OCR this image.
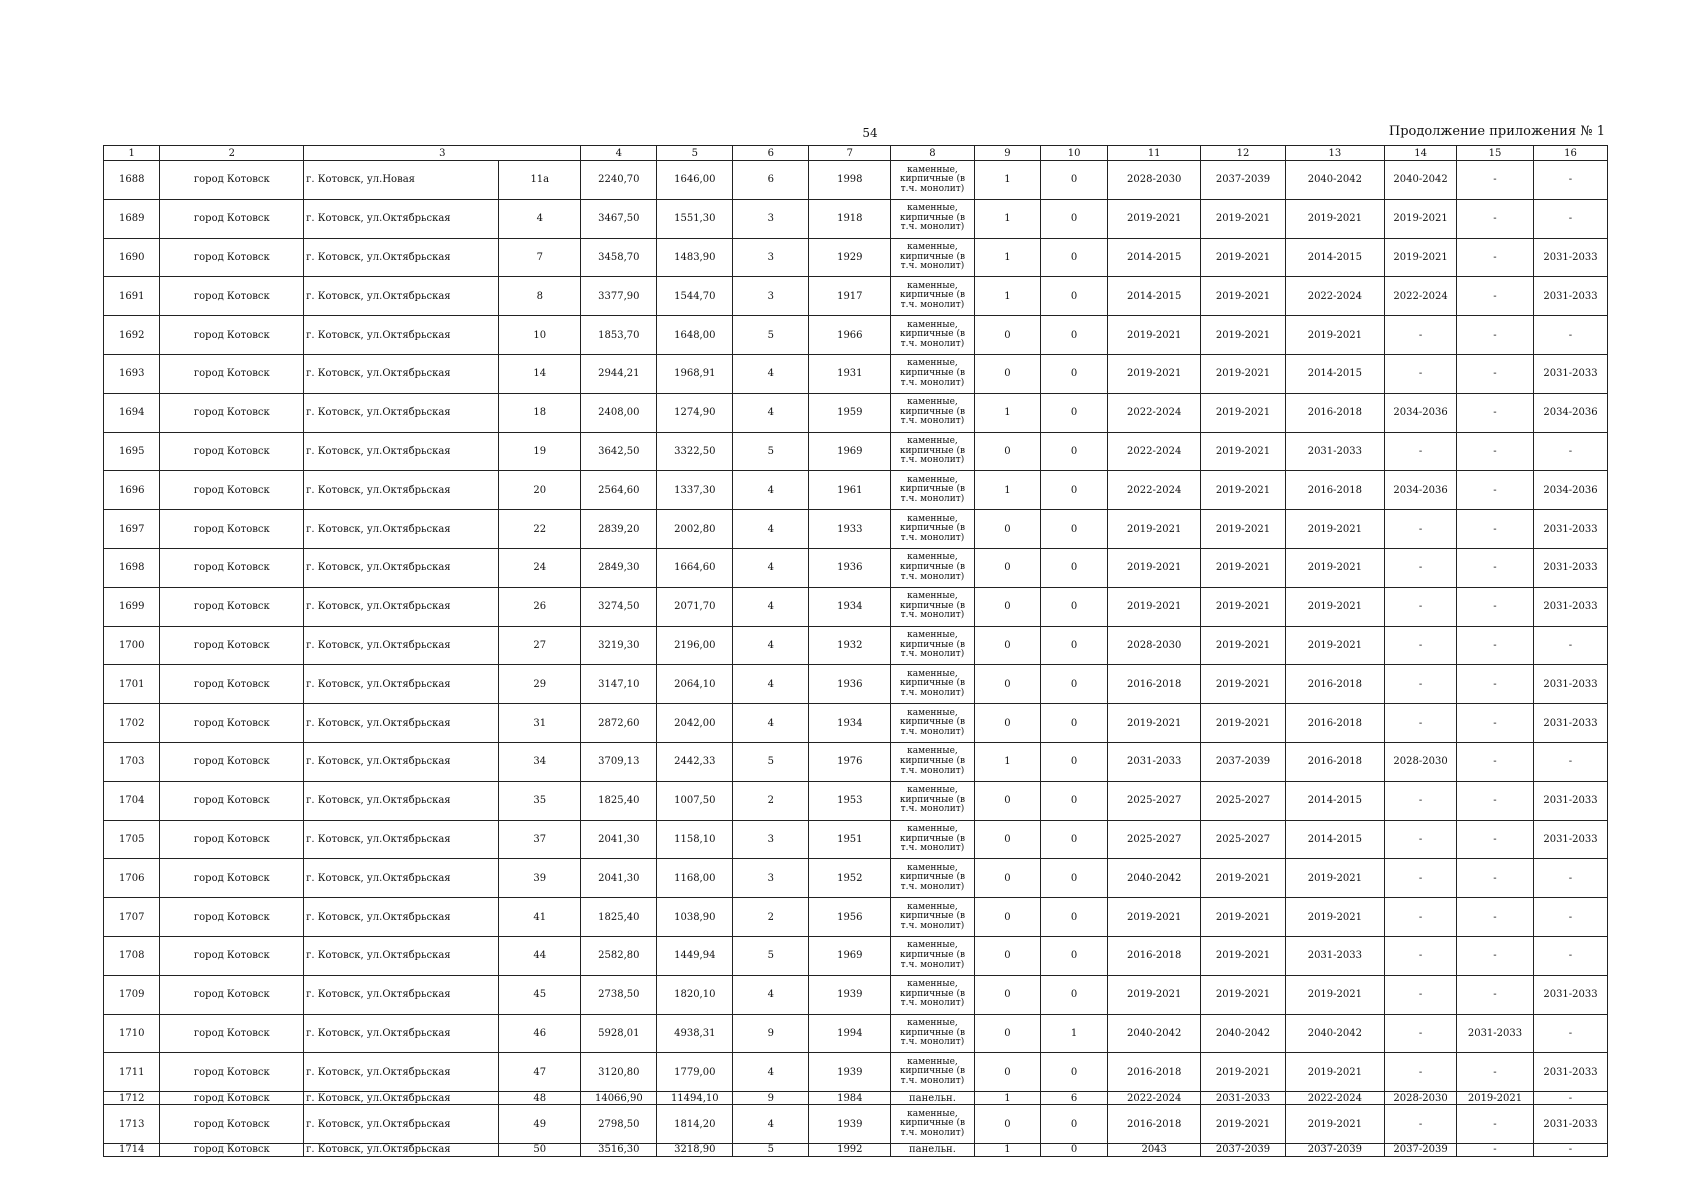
54	Продолжение приложения № 1
1	2	3		4	5	6	7	8	9	10	11	12	13	14	15	16
1688	город Котовск	г. Котовск, ул.Новая	11а	2240,70	1646,00	6	1998	каменные, кирпичные (в т.ч. монолит)	1	0	2028-2030	2037-2039	2040-2042	2040-2042	-	-
1689	город Котовск	г. Котовск, ул.Октябрьская	4	3467,50	1551,30	3	1918	каменные, кирпичные (в т.ч. монолит)	1	0	2019-2021	2019-2021	2019-2021	2019-2021	-	-
1690	город Котовск	г. Котовск, ул.Октябрьская	7	3458,70	1483,90	3	1929	каменные, кирпичные (в т.ч. монолит)	1	0	2014-2015	2019-2021	2014-2015	2019-2021	-	2031-2033
1691	город Котовск	г. Котовск, ул.Октябрьская	8	3377,90	1544,70	3	1917	каменные, кирпичные (в т.ч. монолит)	1	0	2014-2015	2019-2021	2022-2024	2022-2024	-	2031-2033
1692	город Котовск	г. Котовск, ул.Октябрьская	10	1853,70	1648,00	5	1966	каменные, кирпичные (в т.ч. монолит)	0	0	2019-2021	2019-2021	2019-2021	-	-	-
1693	город Котовск	г. Котовск, ул.Октябрьская	14	2944,21	1968,91	4	1931	каменные, кирпичные (в т.ч. монолит)	0	0	2019-2021	2019-2021	2014-2015	-	-	2031-2033
1694	город Котовск	г. Котовск, ул.Октябрьская	18	2408,00	1274,90	4	1959	каменные, кирпичные (в т.ч. монолит)	1	0	2022-2024	2019-2021	2016-2018	2034-2036	-	2034-2036
1695	город Котовск	г. Котовск, ул.Октябрьская	19	3642,50	3322,50	5	1969	каменные, кирпичные (в т.ч. монолит)	0	0	2022-2024	2019-2021	2031-2033	-	-	-
1696	город Котовск	г. Котовск, ул.Октябрьская	20	2564,60	1337,30	4	1961	каменные, кирпичные (в т.ч. монолит)	1	0	2022-2024	2019-2021	2016-2018	2034-2036	-	2034-2036
1697	город Котовск	г. Котовск, ул.Октябрьская	22	2839,20	2002,80	4	1933	каменные, кирпичные (в т.ч. монолит)	0	0	2019-2021	2019-2021	2019-2021	-	-	2031-2033
1698	город Котовск	г. Котовск, ул.Октябрьская	24	2849,30	1664,60	4	1936	каменные, кирпичные (в т.ч. монолит)	0	0	2019-2021	2019-2021	2019-2021	-	-	2031-2033
1699	город Котовск	г. Котовск, ул.Октябрьская	26	3274,50	2071,70	4	1934	каменные, кирпичные (в т.ч. монолит)	0	0	2019-2021	2019-2021	2019-2021	-	-	2031-2033
1700	город Котовск	г. Котовск, ул.Октябрьская	27	3219,30	2196,00	4	1932	каменные, кирпичные (в т.ч. монолит)	0	0	2028-2030	2019-2021	2019-2021	-	-	-
1701	город Котовск	г. Котовск, ул.Октябрьская	29	3147,10	2064,10	4	1936	каменные, кирпичные (в т.ч. монолит)	0	0	2016-2018	2019-2021	2016-2018	-	-	2031-2033
1702	город Котовск	г. Котовск, ул.Октябрьская	31	2872,60	2042,00	4	1934	каменные, кирпичные (в т.ч. монолит)	0	0	2019-2021	2019-2021	2016-2018	-	-	2031-2033
1703	город Котовск	г. Котовск, ул.Октябрьская	34	3709,13	2442,33	5	1976	каменные, кирпичные (в т.ч. монолит)	1	0	2031-2033	2037-2039	2016-2018	2028-2030	-	-
1704	город Котовск	г. Котовск, ул.Октябрьская	35	1825,40	1007,50	2	1953	каменные, кирпичные (в т.ч. монолит)	0	0	2025-2027	2025-2027	2014-2015	-	-	2031-2033
1705	город Котовск	г. Котовск, ул.Октябрьская	37	2041,30	1158,10	3	1951	каменные, кирпичные (в т.ч. монолит)	0	0	2025-2027	2025-2027	2014-2015	-	-	2031-2033
1706	город Котовск	г. Котовск, ул.Октябрьская	39	2041,30	1168,00	3	1952	каменные, кирпичные (в т.ч. монолит)	0	0	2040-2042	2019-2021	2019-2021	-	-	-
1707	город Котовск	г. Котовск, ул.Октябрьская	41	1825,40	1038,90	2	1956	каменные, кирпичные (в т.ч. монолит)	0	0	2019-2021	2019-2021	2019-2021	-	-	-
1708	город Котовск	г. Котовск, ул.Октябрьская	44	2582,80	1449,94	5	1969	каменные, кирпичные (в т.ч. монолит)	0	0	2016-2018	2019-2021	2031-2033	-	-	-
1709	город Котовск	г. Котовск, ул.Октябрьская	45	2738,50	1820,10	4	1939	каменные, кирпичные (в т.ч. монолит)	0	0	2019-2021	2019-2021	2019-2021	-	-	2031-2033
1710	город Котовск	г. Котовск, ул.Октябрьская	46	5928,01	4938,31	9	1994	каменные, кирпичные (в т.ч. монолит)	0	1	2040-2042	2040-2042	2040-2042	-	2031-2033	-
1711	город Котовск	г. Котовск, ул.Октябрьская	47	3120,80	1779,00	4	1939	каменные, кирпичные (в т.ч. монолит)	0	0	2016-2018	2019-2021	2019-2021	-	-	2031-2033
1712	город Котовск	г. Котовск, ул.Октябрьская	48	14066,90	11494,10	9	1984	панельн.	1	6	2022-2024	2031-2033	2022-2024	2028-2030	2019-2021	-
1713	город Котовск	г. Котовск, ул.Октябрьская	49	2798,50	1814,20	4	1939	каменные, кирпичные (в т.ч. монолит)	0	0	2016-2018	2019-2021	2019-2021	-	-	2031-2033
1714	город Котовск	г. Котовск, ул.Октябрьская	50	3516,30	3218,90	5	1992	панельн.	1	0	2043	2037-2039	2037-2039	2037-2039	-	-
